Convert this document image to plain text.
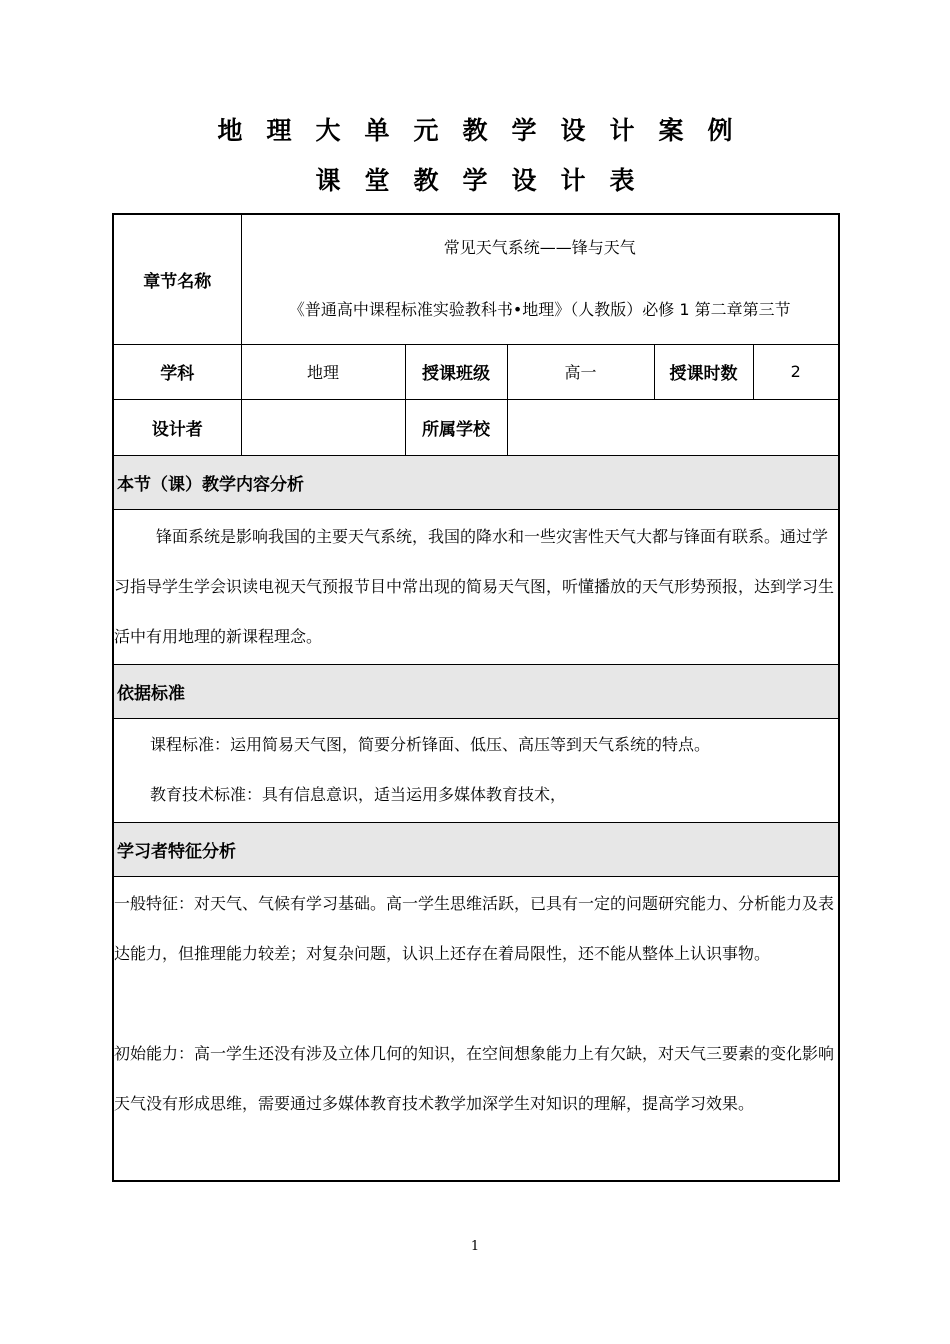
地理大单元教学设计案例
课堂教学设计表
章节名称	常见天气系统——锋与天气
《普通高中课程标准实验教科书•地理》（人教版）必修 1 第二章第三节				

学科	地理	授课班级	高一	授课时数	2
设计者		所属学校			
本节（课）教学内容分析					

锋面系统是影响我国的主要天气系统，我国的降水和一些灾害性天气大都与锋面有联系。通过学习指导学生学会识读电视天气预报节目中常出现的简易天气图，听懂播放的天气形势预报，达到学习生活中有用地理的新课程理念。					

依据标准					

课程标准：运用简易天气图，简要分析锋面、低压、高压等到天气系统的特点。
教育技术标准：具有信息意识，适当运用多媒体教育技术，					

学习者特征分析					

一般特征：对天气、气候有学习基础。高一学生思维活跃，已具有一定的问题研究能力、分析能力及表达能力，但推理能力较差；对复杂问题，认识上还存在着局限性，还不能从整体上认识事物。
初始能力：高一学生还没有涉及立体几何的知识，在空间想象能力上有欠缺，对天气三要素的变化影响天气没有形成思维，需要通过多媒体教育技术教学加深学生对知识的理解，提高学习效果。					
1
